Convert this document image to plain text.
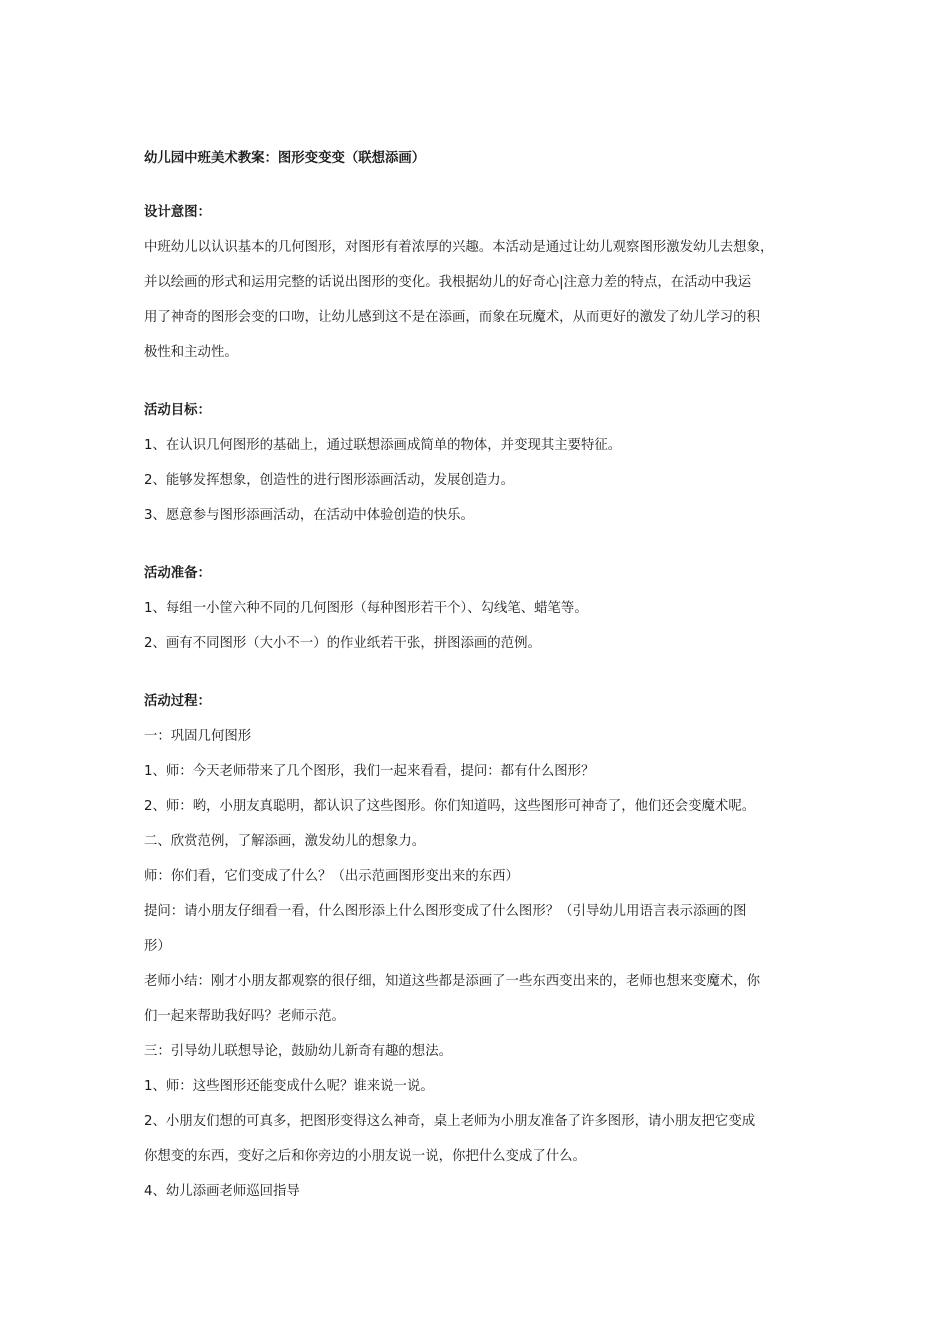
幼儿园中班美术教案：图形变变变（联想添画）
设计意图：
中班幼儿以认识基本的几何图形，对图形有着浓厚的兴趣。本活动是通过让幼儿观察图形激发幼儿去想象，
并以绘画的形式和运用完整的话说出图形的变化。我根据幼儿的好奇心|注意力差的特点，在活动中我运
用了神奇的图形会变的口吻，让幼儿感到这不是在添画，而象在玩魔术，从而更好的激发了幼儿学习的积
极性和主动性。
活动目标：
1、在认识几何图形的基础上，通过联想添画成简单的物体，并变现其主要特征。
2、能够发挥想象，创造性的进行图形添画活动，发展创造力。
3、愿意参与图形添画活动，在活动中体验创造的快乐。
活动准备：
1、每组一小筐六种不同的几何图形（每种图形若干个）、勾线笔、蜡笔等。
2、画有不同图形（大小不一）的作业纸若干张，拼图添画的范例。
活动过程：
一：巩固几何图形
1、师：今天老师带来了几个图形，我们一起来看看，提问：都有什么图形？
2、师：哟，小朋友真聪明，都认识了这些图形。你们知道吗，这些图形可神奇了，他们还会变魔术呢。
二、欣赏范例，了解添画，激发幼儿的想象力。
师：你们看，它们变成了什么？（出示范画图形变出来的东西）
提问：请小朋友仔细看一看，什么图形添上什么图形变成了什么图形？（引导幼儿用语言表示添画的图
形）
老师小结：刚才小朋友都观察的很仔细，知道这些都是添画了一些东西变出来的，老师也想来变魔术，你
们一起来帮助我好吗？老师示范。
三：引导幼儿联想导论，鼓励幼儿新奇有趣的想法。
1、师：这些图形还能变成什么呢？谁来说一说。
2、小朋友们想的可真多，把图形变得这么神奇，桌上老师为小朋友准备了许多图形，请小朋友把它变成
你想变的东西，变好之后和你旁边的小朋友说一说，你把什么变成了什么。
4、幼儿添画老师巡回指导
